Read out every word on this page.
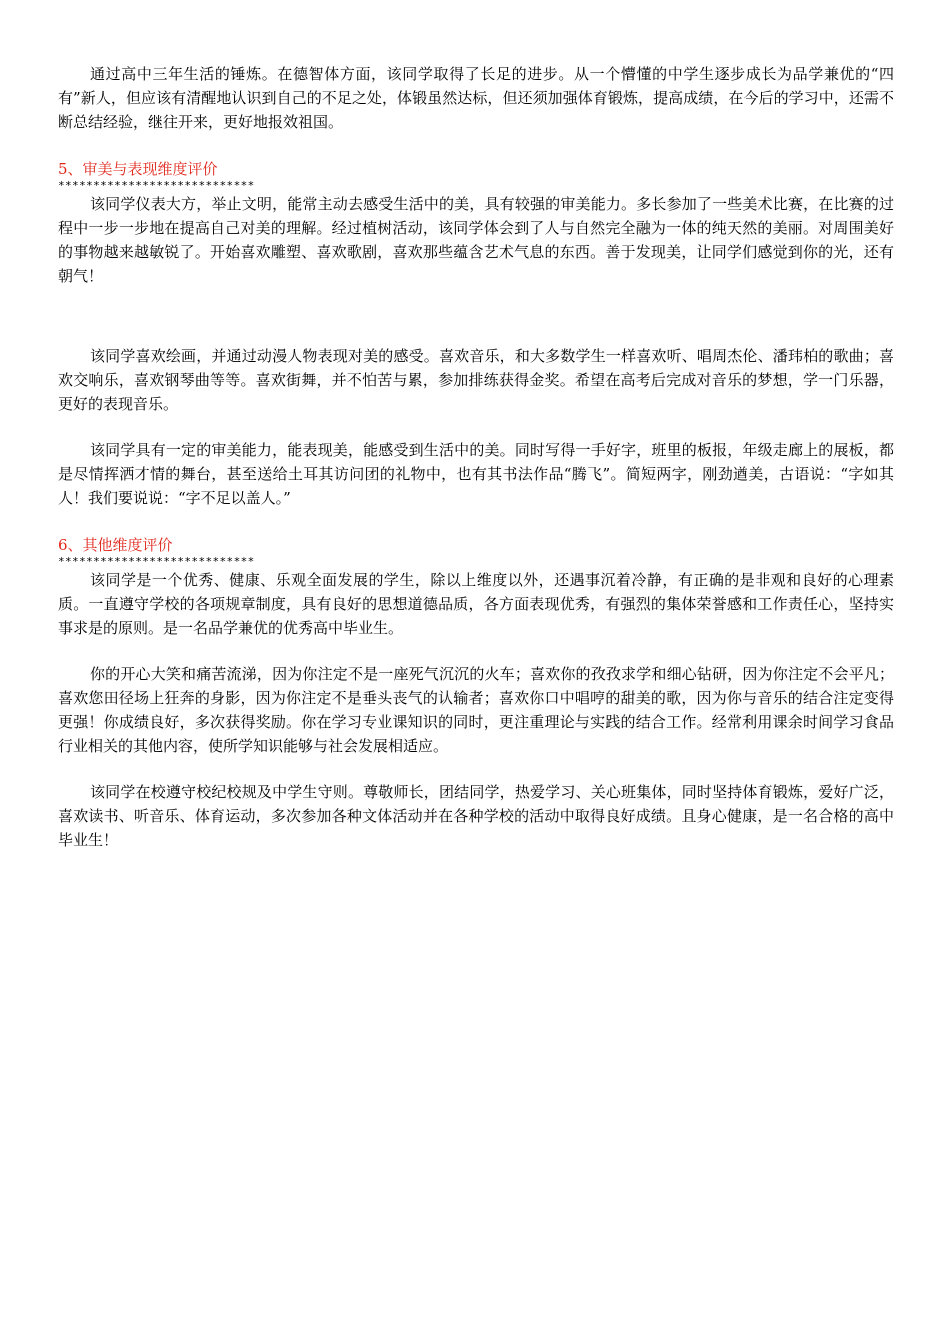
通过高中三年生活的锤炼。在德智体方面，该同学取得了长足的进步。从一个懵懂的中学生逐步成长为品学兼优的“四有”新人，但应该有清醒地认识到自己的不足之处，体锻虽然达标，但还须加强体育锻炼，提高成绩，在今后的学习中，还需不断总结经验，继往开来，更好地报效祖国。

5、审美与表现维度评价

****************************

该同学仪表大方，举止文明，能常主动去感受生活中的美，具有较强的审美能力。多长参加了一些美术比赛，在比赛的过程中一步一步地在提高自己对美的理解。经过植树活动，该同学体会到了人与自然完全融为一体的纯天然的美丽。对周围美好的事物越来越敏锐了。开始喜欢雕塑、喜欢歌剧，喜欢那些蕴含艺术气息的东西。善于发现美，让同学们感觉到你的光，还有朝气！

该同学喜欢绘画，并通过动漫人物表现对美的感受。喜欢音乐，和大多数学生一样喜欢听、唱周杰伦、潘玮柏的歌曲；喜欢交响乐，喜欢钢琴曲等等。喜欢街舞，并不怕苦与累，参加排练获得金奖。希望在高考后完成对音乐的梦想，学一门乐器，更好的表现音乐。

该同学具有一定的审美能力，能表现美，能感受到生活中的美。同时写得一手好字，班里的板报，年级走廊上的展板，都是尽情挥洒才情的舞台，甚至送给土耳其访问团的礼物中，也有其书法作品“腾飞”。简短两字，刚劲遒美，古语说：“字如其人！我们要说说：“字不足以盖人。”

6、其他维度评价

****************************

该同学是一个优秀、健康、乐观全面发展的学生，除以上维度以外，还遇事沉着冷静，有正确的是非观和良好的心理素质。一直遵守学校的各项规章制度，具有良好的思想道德品质，各方面表现优秀，有强烈的集体荣誉感和工作责任心，坚持实事求是的原则。是一名品学兼优的优秀高中毕业生。

你的开心大笑和痛苦流涕，因为你注定不是一座死气沉沉的火车；喜欢你的孜孜求学和细心钻研，因为你注定不会平凡；喜欢您田径场上狂奔的身影，因为你注定不是垂头丧气的认输者；喜欢你口中唱哼的甜美的歌，因为你与音乐的结合注定变得更强！你成绩良好，多次获得奖励。你在学习专业课知识的同时，更注重理论与实践的结合工作。经常利用课余时间学习食品行业相关的其他内容，使所学知识能够与社会发展相适应。

该同学在校遵守校纪校规及中学生守则。尊敬师长，团结同学，热爱学习、关心班集体，同时坚持体育锻炼，爱好广泛，喜欢读书、听音乐、体育运动，多次参加各种文体活动并在各种学校的活动中取得良好成绩。且身心健康，是一名合格的高中毕业生！
